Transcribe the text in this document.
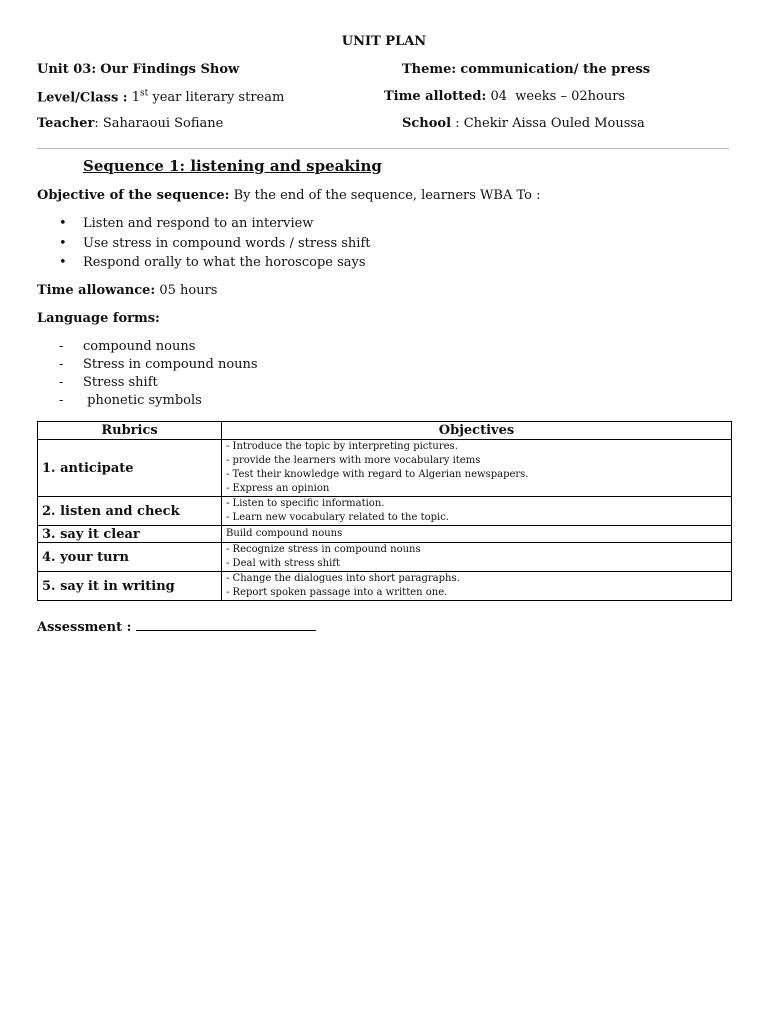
UNIT PLAN
Unit 03: Our Findings Show	Theme: communication/ the press
Level/Class : 1st year literary stream	Time allotted: 04  weeks – 02hours
Teacher: Saharaoui Sofiane	School : Chekir Aissa Ouled Moussa
Sequence 1: listening and speaking
Objective of the sequence: By the end of the sequence, learners WBA To :
• Listen and respond to an interview
• Use stress in compound words / stress shift
• Respond orally to what the horoscope says
Time allowance: 05 hours
Language forms:
- compound nouns
- Stress in compound nouns
- Stress shift
-  phonetic symbols
Rubrics	Objectives
1. anticipate	- Introduce the topic by interpreting pictures.
- provide the learners with more vocabulary items
- Test their knowledge with regard to Algerian newspapers.
- Express an opinion

2. listen and check	- Listen to specific information.
- Learn new vocabulary related to the topic.

3. say it clear	Build compound nouns

4. your turn	- Recognize stress in compound nouns
- Deal with stress shift

5. say it in writing	- Change the dialogues into short paragraphs.
- Report spoken passage into a written one.
Assessment :
